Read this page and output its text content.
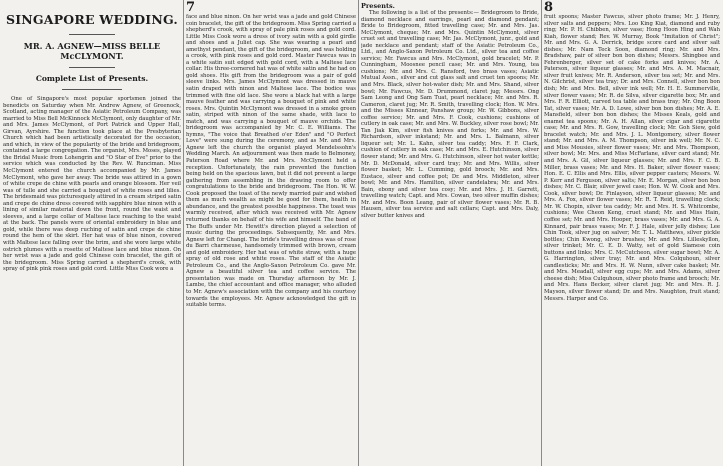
SINGAPORE WEDDING.
MR. A. AGNEW—MISS BELLE McCLYMONT.
Complete List of Presents.

One of Singapore's most popular sportsmen joined the benedicts on Saturday when Mr. Andrew Agnew, of Greenock, Scotland, acting manager of the Asiatic Petroleum Company, was married to Miss Bell McKinnock McClymont, only daughter of Mr. and Mrs. James McClymont, of Port Patrick and Upper Hall, Girvan, Ayrshire. The function took place at the Presbyterian Church which had been artistically decorated for the occasion, and which, in view of the popularity of the bride and bridegroom, contained a large congregation. The organist, Mrs. Moses, played the Bridal Music from Lohengrin and "O Star of Eve" prior to the service which was conducted by the Rev. W. Runciman. Miss McClymont entered the church accompanied by Mr. James McClymont, who gave her away. The bride was attired in a gown of white crepe de chine with pearls and orange blossom. Her veil was of tulle and she carried a bouquet of white roses and lilies. The bridesmaid was picturesquely attired in a cream striped satin and crepe de chine dress covered with sapphire blue ninon with a lining of similar material down the front, round the waist and sleeves, and a large collar of Maltese lace reaching to the waist at the back. The panels were of oriental embroidery in blue and gold, while there was deep ruching of satin and crepe de chine round the hem of the skirt. Her hat was of blue ninon, covered with Maltese lace falling over the brim, and she wore large white ostrich plumes with a rosette of Maltese lace and blue ninon. On her wrist was a jade and gold Chinese coin bracelet, the gift of the bridegroom. Miss Spring carried a shepherd's crook, with spray of pink pink roses and gold cord. Little Miss Cook wore a

7

face and blue ninon. On her wrist was a jade and gold Chinese coin bracelet, the gift of the bridegroom. Miss Spring carried a shepherd's crook, with spray of pale pink roses and gold cord. Little Miss Cook wore a dress of ivory satin with a gold girdle and shoes and a Juliet cap. She was wearing a pearl and amethyst pendant, the gift of the bridegroom, and was holding a crook, with pink roses and gold cord. Master Fawcus was in a white satin suit edged with gold cord, with a Maltese lace collar. His three-cornered hat was of white satin and he had on gold shoes. His gift from the bridegroom was a pair of gold sleeve links. Mrs. James McClymont was dressed in mauve satin draped with ninon and Maltese lace. The bodice was trimmed with fine old lace. She wore a black hat with a large mauve feather and was carrying a bouquet of pink and white roses. Mrs. Quintin McClymont was dressed in a smoke green satin, striped with ninon of the same shade, with lace to match, and was carrying a bouquet of mauve orchids. The bridegroom was accompanied by Mr. C. E. Williams. The hymns, "The voice that Breathed o'er Eden" and "O Perfect Love" were sung during the ceremony, and as Mr. and Mrs. Agnew left the church the organist played Mendelssohn's Wedding March. An adjournment was then made to Belmoney, Paterson Road where Mr. and Mrs. McClymont held a reception. Unfortunately, the rain prevented the function being held on the spacious lawn, but it did not prevent a large gathering from assembling in the drawing room to offer congratulations to the bride and bridegroom. The Hon. W. W. Cook proposed the toast of the newly married pair and wished them as much wealth as might be good for them, health in abundance, and the greatest possible happiness. The toast was warmly received, after which was received with Mr. Agnew returned thanks on behalf of his wife and himself. The band of The Buffs under Mr. Hewitt's direction played a selection of music during the proceedings. Subsequently, Mr. and Mrs. Agnew left for Changi. The bride's travelling dress was of rose du Barri charmeuse, handsomely trimmed with brown, cream and gold embroidery. Her hat was of white straw, with a huge spray of old rose and white roses. The staff of the Asiatic Petroleum Co., and the Anglo-Saxon Petroleum Co. gave Mr. Agnew a beautiful silver tea and coffee service. The presentation was made on Thursday afternoon by Mr. J. Lambe, the chief accountant and office manager, who alluded to Mr. Agnew's association with the company and his courtesy towards the employees. Mr. Agnew acknowledged the gift in suitable terms.

Presents.

The following is a list of the presents:— Bridegroom to Bride, diamond necklace and earrings, pearl and diamond pendant; Bride to Bridegroom, fitted travelling case; Mr. and Mrs. Jas. McClymont, cheque; Mr. and Mrs. Quintin McClymont, silver cruet set and travelling case; Mr. Jas. McClymont, junr., gold and jade necklace and pendant; staff of the Asiatic Petroleum Co., Ltd., and Anglo-Saxon Petroleum Co. Ltd., silver tea and coffee service; Mr. Fawcus and Mrs. McClymont, gold bracelet; Mr. P. Cunningham, Moosnee pencil case; Mr. and Mrs. Young, tea cushions; Mr. and Mrs. C. Ransford, two brass vases; Asiatic Mutual Assn., silver and cut glass salt and cruet ten spoons; Mr. and Mrs. Black, silver hot-water dish; Mr. and Mrs. Shand, silver bowl; Mr. Fawcus, Mr. D. Drummond, claret jug; Messrs. Ong Sam Leong and Ong Sam Tuat, pearl necklace; Mr. and Mrs. R. Cameron, claret jug; Mr. R. Smith, travelling clock; Hon. W. Mrs. and the Misses Kinnear, Panshaw group; Mr. W. Gibbons, silver coffee service; Mr. and Mrs. F. Cook, cushions; cushions of cutlery in oak case; Mr. and Mrs. W. Buckley, silver rose bowl; Mr. Tan Jiak Kim, silver fish knives and forks; Mr. and Mrs. W. Richardson, silver inkstand; Mr. and Mrs. L. Balmann, silver liqueur set; Mr. L. Kahn, silver tea caddy; Mrs. F. F. Clark, cushion of cutlery in oak case; Mr. and Mrs. E. Hutchinson, silver flower stand; Mr. and Mrs. G. Hutchinson, silver hot water kettle; Mr. D. McDonald, silver card tray; Mr. and Mrs. Willis, silver flower basket; Mr. L. Cumming, gold brooch; Mr. and Mrs. Eustace, silver and coffee pot; Dr. and Mrs. Middleton, silver bowl; Mr. and Mrs. Hamilton, silver candelabra; Mr. and Mrs. Bain, ebony and silver tea cosy; Mr. and Mrs. J. H. Garrett, travelling watch; Capt. and Mrs. Cowan, two silver muffin dishes; Mr. and Mrs. Boon Leang, pair of silver flower vases; Mr. R. B. Hausen, silver tea service and salt cellars; Capt. and Mrs. Daly, silver butter knives and

8

fruit spoons; Master Fawcus, silver photo frame; Mr. J. Henry, silver salts and peppers; Mrs. Loo King Kiat, diamond and ruby ring; Mr. P. H. Chibben, silver vase; Hong Hoon Hing and Wah Kiah, flower stand; Rev. W. Murray, Book "Imitation of Christ"; Mr. and Mrs. G. A. Derrick, bridge score card and silver salt dishes; Mr. Nam Teck Soon, diamond ring; Mr. and Mrs. Bradshaw, pair of silver bon bon dishes; Messrs. Shingbee and Fehrenberger, silver set of cake forks and knives; Mr. A. Paterson, silver liqueur glasses; Mr. and Mrs. A. M. Macnair, silver fruit knives; Mr. R. Anderson, silver tea set; Mr. and Mrs. N. Gilchrist, silver tea tray; Dr. and Mrs. Connell, silver bon bon dish; Mr. and Mrs. Bell, silver ink well; Mr. H. E. Summerville, silver flower vases; Mr. R. de Silva, silver cigarette box; Mr. and Mrs. F. R. Elliott, carved tea table and brass tray; Mr. Ong Boon Tat, silver vases; Mr. A. D. Lowe, silver bon bon dishes; Mr. A. E. Mansfield, silver bon bon dishes; the Misses Keals, gold and enamel tea spoons; Mr. A. H. Allan, silver cigar and cigarette case; Mr. and Mrs. R. Gow, travelling clock; Mr. Goh Siew, gold bracelet watch; Mr. and Mrs. J. L. Montgomery, silver flower stand; Mr. and Mrs. A. M. Thompson, silver ink well; Mr. N. C. and Miss Mousies, silver flower vases; Mr. and Mrs. Thompson, silver bowl; Mr. Mrs. and Miss McFarlane, silver card stand; Mr. and Mrs. A. Gil, silver liqueur glasses; Mr. and Mrs. F. C. B. Miller, brass vases; Mr. and Mrs. H. Baker, silver flower vases; Hon. E. C. Ellis and Mrs. Ellis, silver pepper casters; Messrs. W. P. Kerr and Ferguson, silver salts; Mr. E. Morgan, silver bon bon dishes; Mr. C. Blair, silver jewel case; Hon. W. W. Cook and Mrs. Cook, silver bowl; Dr. Finlayson, silver liqueur glasses; Mr. and Mrs. A. Fox, silver flower vases; Mr. R. T. Reid, travelling clock; Mr. W. Chopin, silver tea caddy; Mr. and Mrs. H. S. Whitcombe, cushions; Wee Cheon Keng, cruet stand; Mr. and Miss Hain, coffee set; Mr. and Mrs. Hooper, brass vases; Mr. and Mrs. G. A. Kinnard, pair brass vases; Mr. F. J. Hale, silver jelly dishes; Lee Chin Took, silver jug on salver; Mr. T. L. Matthews, silver pickle bottles; Chin Kwong, silver brushes; Mr. and Mrs. Lilleskyllon, silver trinket; Mr. C. E. D. Watty, set of gold Siamese coin buttons and links; Mrs. C. McCutcheon, silver sugar bowl; Mr. A. G. Harrington, silver tray; Mr. and Mrs. Colquhoun, silver candlesticks; Mr. and Mrs. H. W. Nunn, silver cake basket; Mr. and Mrs. Meadall, silver egg cups; Mr. and Mrs. Adams, silver cheese dish; Miss Culquhoun, silver photo frame and brooch; Mr. and Mrs. Hans Becker, silver claret jug; Mr. and Mrs. R. J. Mayson, silver flower stand; Dr. and Mrs. Naughton, fruit stand; Messrs. Harper and Co.
